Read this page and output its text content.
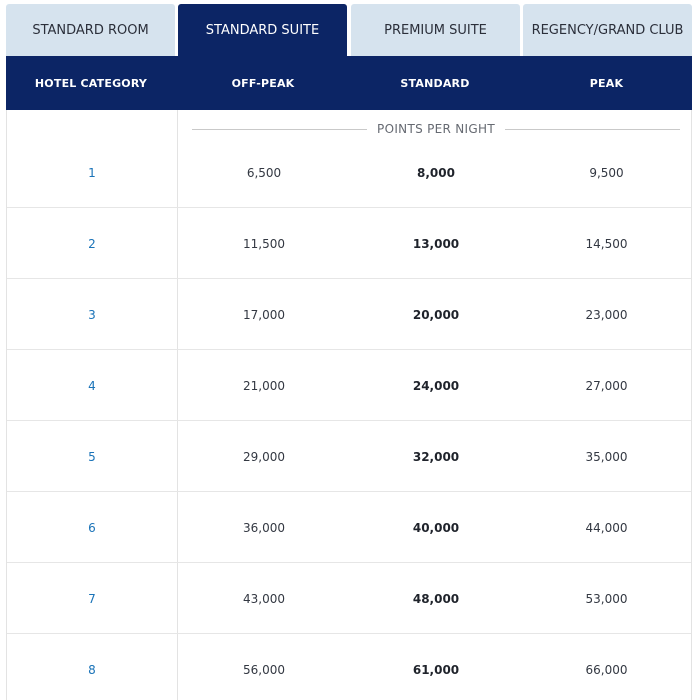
STANDARD ROOM	STANDARD SUITE	PREMIUM SUITE	REGENCY/GRAND CLUB
HOTEL CATEGORY	OFF-PEAK	STANDARD	PEAK
POINTS PER NIGHT
1	6,500	8,000	9,500
2	11,500	13,000	14,500
3	17,000	20,000	23,000
4	21,000	24,000	27,000
5	29,000	32,000	35,000
6	36,000	40,000	44,000
7	43,000	48,000	53,000
8	56,000	61,000	66,000
